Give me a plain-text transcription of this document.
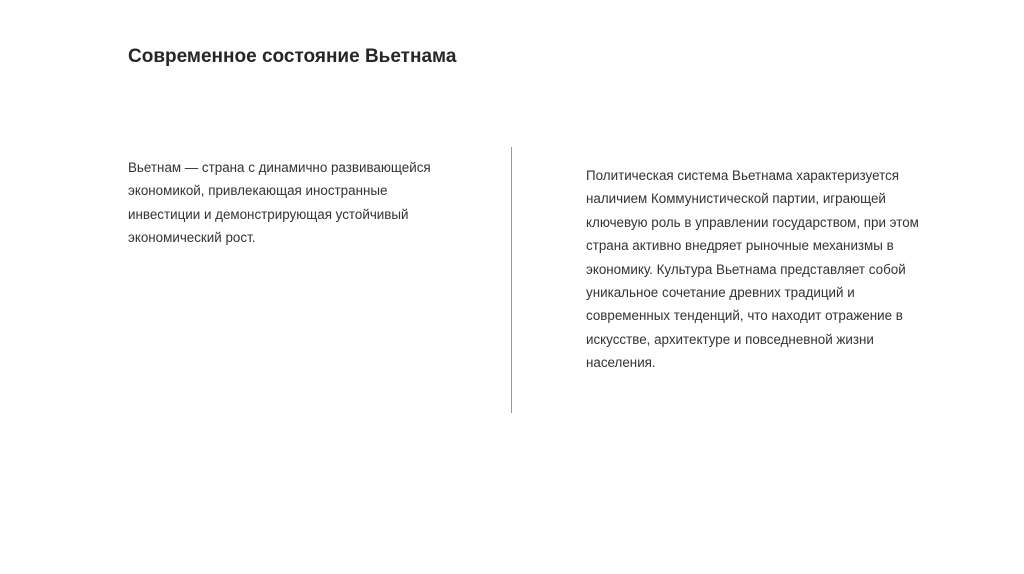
Современное состояние Вьетнама

Вьетнам — страна с динамично развивающейся экономикой, привлекающая иностранные инвестиции и демонстрирующая устойчивый экономический рост.

Политическая система Вьетнама характеризуется наличием Коммунистической партии, играющей ключевую роль в управлении государством, при этом страна активно внедряет рыночные механизмы в экономику. Культура Вьетнама представляет собой уникальное сочетание древних традиций и современных тенденций, что находит отражение в искусстве, архитектуре и повседневной жизни населения.
